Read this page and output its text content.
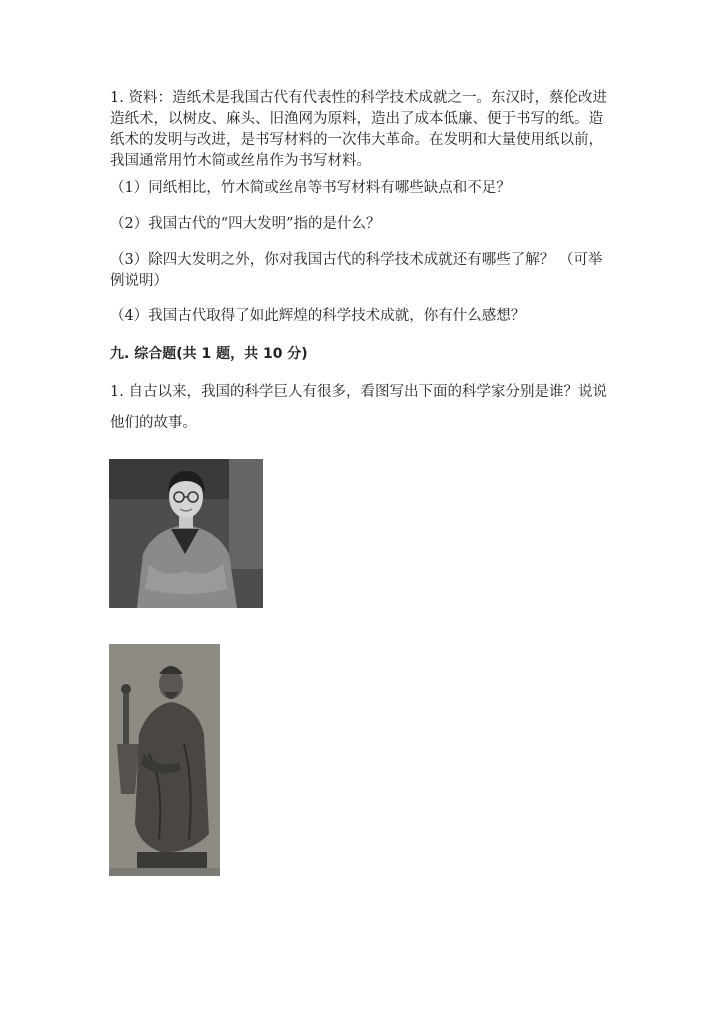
1. 资料：造纸术是我国古代有代表性的科学技术成就之一。东汉时，蔡伦改进造纸术，以树皮、麻头、旧渔网为原料，造出了成本低廉、便于书写的纸。造纸术的发明与改进，是书写材料的一次伟大革命。在发明和大量使用纸以前，我国通常用竹木简或丝帛作为书写材料。

（1）同纸相比，竹木简或丝帛等书写材料有哪些缺点和不足？

（2）我国古代的“四大发明”指的是什么？

（3）除四大发明之外，你对我国古代的科学技术成就还有哪些了解？ （可举例说明）

（4）我国古代取得了如此辉煌的科学技术成就，你有什么感想？

九. 综合题(共 1 题，共 10 分)

1. 自古以来，我国的科学巨人有很多，看图写出下面的科学家分别是谁？说说他们的故事。
